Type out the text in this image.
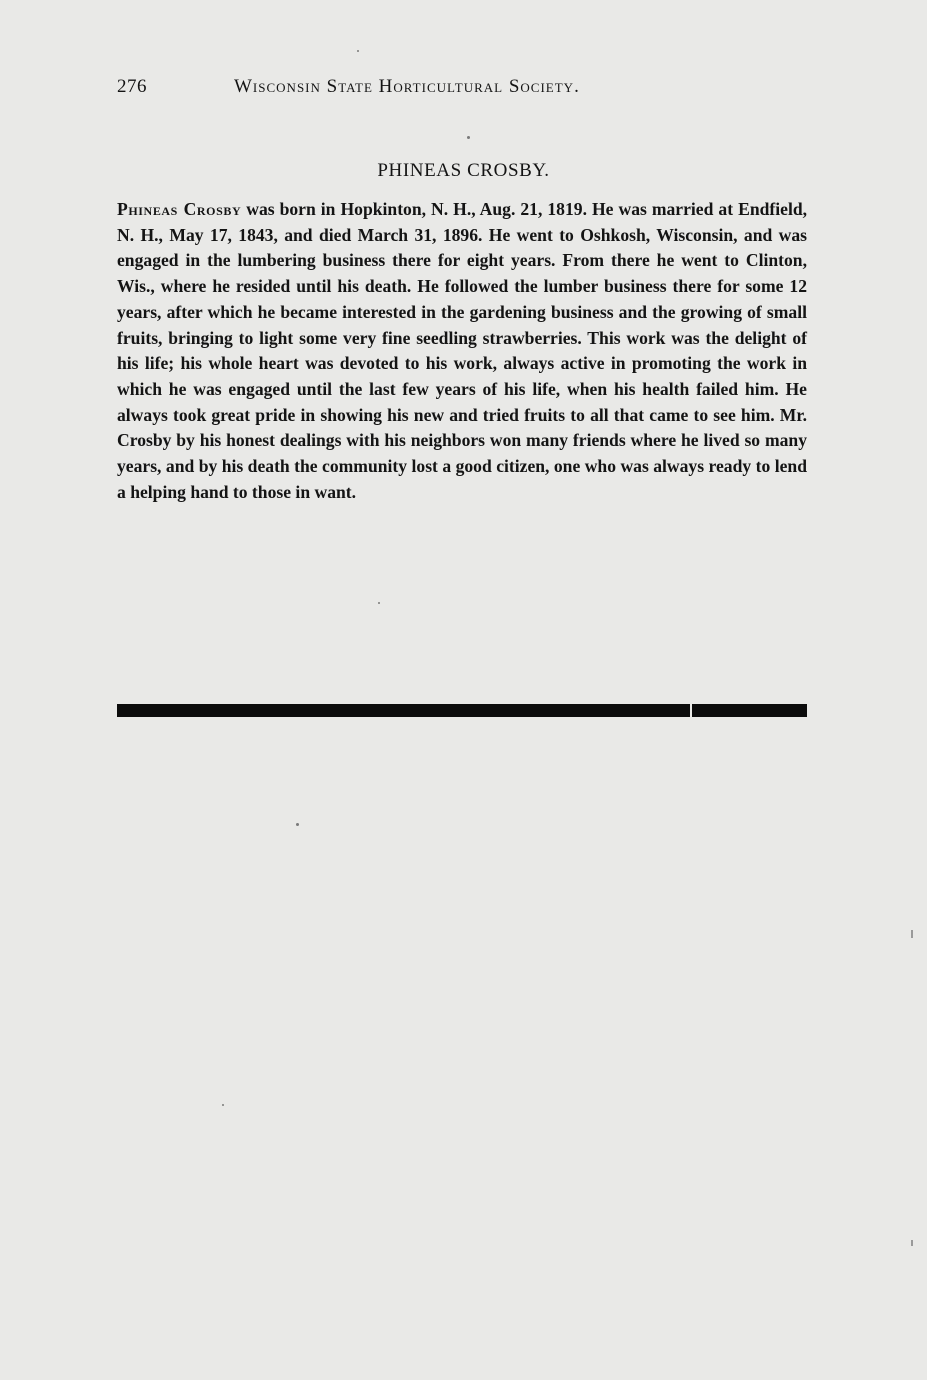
276	Wisconsin State Horticultural Society.
PHINEAS CROSBY.

Phineas Crosby was born in Hopkinton, N. H., Aug. 21, 1819. He was married at Endfield, N. H., May 17, 1843, and died March 31, 1896. He went to Oshkosh, Wisconsin, and was engaged in the lumbering business there for eight years. From there he went to Clinton, Wis., where he resided until his death. He followed the lumber business there for some 12 years, after which he became interested in the gardening business and the growing of small fruits, bringing to light some very fine seedling strawberries. This work was the delight of his life; his whole heart was devoted to his work, always active in promoting the work in which he was engaged until the last few years of his life, when his health failed him. He always took great pride in showing his new and tried fruits to all that came to see him. Mr. Crosby by his honest dealings with his neighbors won many friends where he lived so many years, and by his death the community lost a good citizen, one who was always ready to lend a helping hand to those in want.
